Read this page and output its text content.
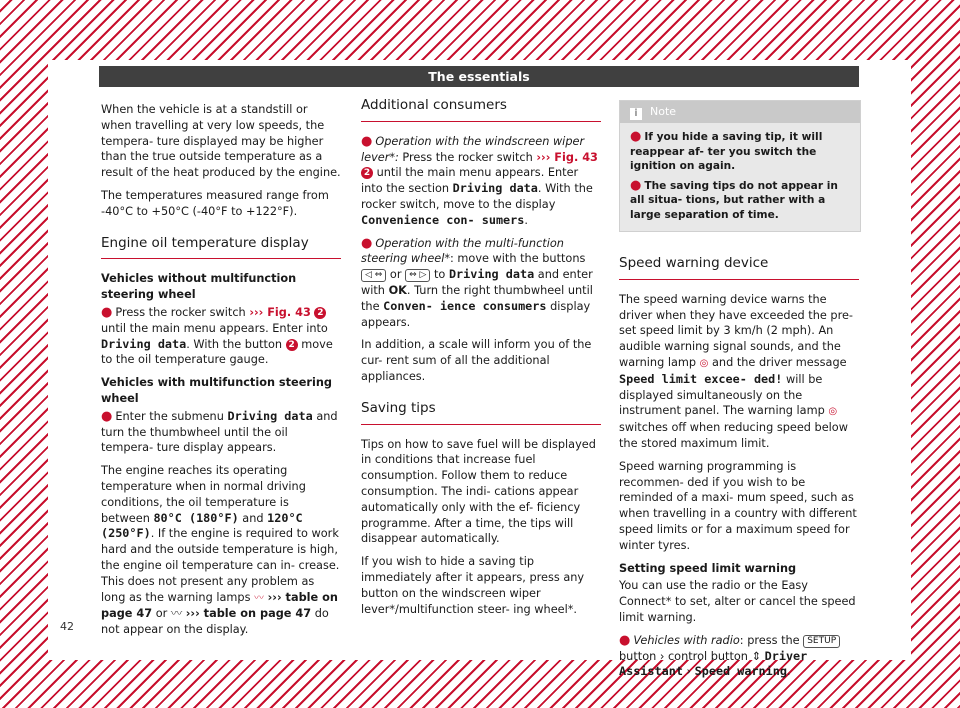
The essentials

When the vehicle is at a standstill or when travelling at very low speeds, the tempera- ture displayed may be higher than the true outside temperature as a result of the heat produced by the engine.

The temperatures measured range from -40°C to +50°C (-40°F to +122°F).

Engine oil temperature display
Vehicles without multifunction steering wheel

● Press the rocker switch ››› Fig. 43 2 until the main menu appears. Enter into Driving data. With the button 2 move to the oil temperature gauge.

Vehicles with multifunction steering wheel

● Enter the submenu Driving data and turn the thumbwheel until the oil tempera- ture display appears.

The engine reaches its operating temperature when in normal driving conditions, the oil temperature is between 80°C (180°F) and 120°C (250°F). If the engine is required to work hard and the outside temperature is high, the engine oil temperature can in- crease. This does not present any problem as long as the warning lamps 〰 ››› table on page 47 or 〰 ››› table on page 47 do not appear on the display.

Additional consumers

● Operation with the windscreen wiper lever*: Press the rocker switch ››› Fig. 43 2 until the main menu appears. Enter into the section Driving data. With the rocker switch, move to the display Convenience con- sumers.

● Operation with the multi-function steering wheel*: move with the buttons ◁ ⇔ or ⇔ ▷ to Driving data and enter with OK. Turn the right thumbwheel until the Conven- ience consumers display appears.

In addition, a scale will inform you of the cur- rent sum of all the additional appliances.

Saving tips

Tips on how to save fuel will be displayed in conditions that increase fuel consumption. Follow them to reduce consumption. The indi- cations appear automatically only with the ef- ficiency programme. After a time, the tips will disappear automatically.

If you wish to hide a saving tip immediately after it appears, press any button on the windscreen wiper lever*/multifunction steer- ing wheel*.

i Note

● If you hide a saving tip, it will reappear af- ter you switch the ignition on again.

● The saving tips do not appear in all situa- tions, but rather with a large separation of time.

Speed warning device

The speed warning device warns the driver when they have exceeded the pre-set speed limit by 3 km/h (2 mph). An audible warning signal sounds, and the warning lamp ◎ and the driver message Speed limit excee- ded! will be displayed simultaneously on the instrument panel. The warning lamp ◎ switches off when reducing speed below the stored maximum limit.

Speed warning programming is recommen- ded if you wish to be reminded of a maxi- mum speed, such as when travelling in a country with different speed limits or for a maximum speed for winter tyres.

Setting speed limit warning

You can use the radio or the Easy Connect* to set, alter or cancel the speed limit warning.

● Vehicles with radio: press the SETUP button › control button ⇕ Driver Assistant › Speed warning.

42
